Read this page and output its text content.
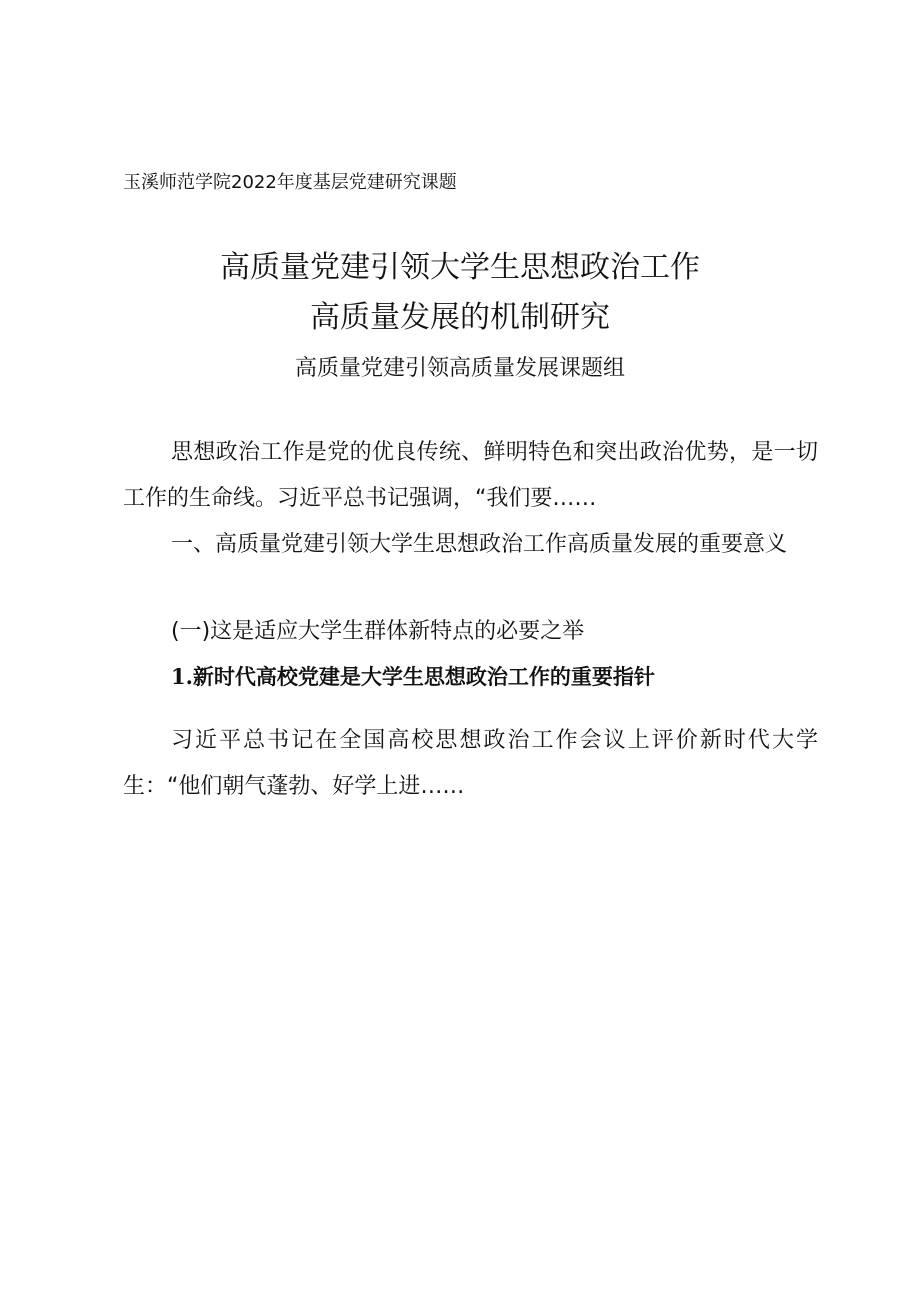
玉溪师范学院2022年度基层党建研究课题
高质量党建引领大学生思想政治工作
高质量发展的机制研究
高质量党建引领高质量发展课题组

思想政治工作是党的优良传统、鲜明特色和突出政治优势，是一切工作的生命线。习近平总书记强调，“我们要……

一、高质量党建引领大学生思想政治工作高质量发展的重要意义

(一)这是适应大学生群体新特点的必要之举

1.新时代高校党建是大学生思想政治工作的重要指针

习近平总书记在全国高校思想政治工作会议上评价新时代大学生：“他们朝气蓬勃、好学上进……
